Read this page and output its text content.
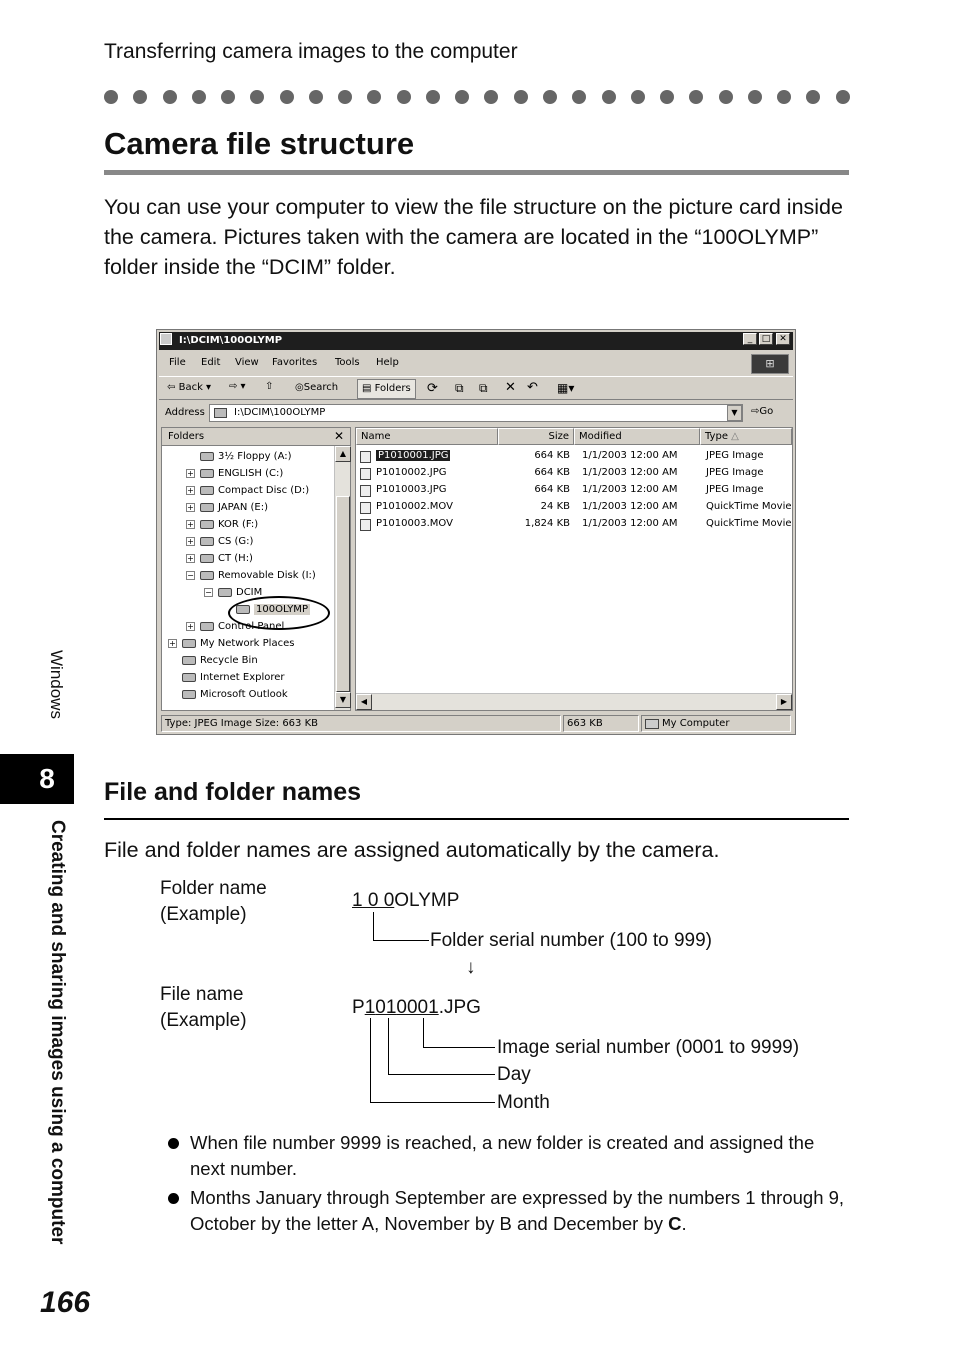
Transferring camera images to the computer
Camera file structure
You can use your computer to view the file structure on the picture card inside the camera. Pictures taken with the camera are located in the “100OLYMP” folder inside the “DCIM” folder.
I:\DCIM\100OLYMP	_	□ ✕
File Edit View Favorites Tools Help	⊞
⇦ Back ▾ ⇨ ▾ ⇧ ◎Search	▤ Folders	⟳ ⧉ ⧉ ✕ ↶ ▦▾
Address	I:\DCIM\100OLYMP	▼	⇨Go
Folders	✕
3½ Floppy (A:)
+ ENGLISH (C:)
+ Compact Disc (D:)
+ JAPAN (E:)
+ KOR (F:)
+ CS (G:)
+ CT (H:)
− Removable Disk (I:)
− DCIM
100OLYMP
+ Control Panel
+ My Network Places
Recycle Bin
Internet Explorer
Microsoft Outlook
▲
▼
Name	Size	Modified	Type △
P1010001.JPG	664 KB 1/1/2003 12:00 AM	JPEG Image
P1010002.JPG	664 KB 1/1/2003 12:00 AM	JPEG Image
P1010003.JPG	664 KB 1/1/2003 12:00 AM	JPEG Image
P1010002.MOV	24 KB 1/1/2003 12:00 AM	QuickTime Movie
P1010003.MOV	1,824 KB 1/1/2003 12:00 AM	QuickTime Movie
◀	▶
Type: JPEG Image Size: 663 KB	663 KB	My Computer
Windows
8
Creating and sharing images using a computer
166
File and folder names
File and folder names are assigned automatically by the camera.
Folder name
(Example)
1 0 0OLYMP
Folder serial number (100 to 999)
↓
File name
(Example)
P1010001.JPG
Image serial number (0001 to 9999)
Day
Month
When file number 9999 is reached, a new folder is created and assigned the next number.
Months January through September are expressed by the numbers 1 through 9, October by the letter A, November by B and December by C.
